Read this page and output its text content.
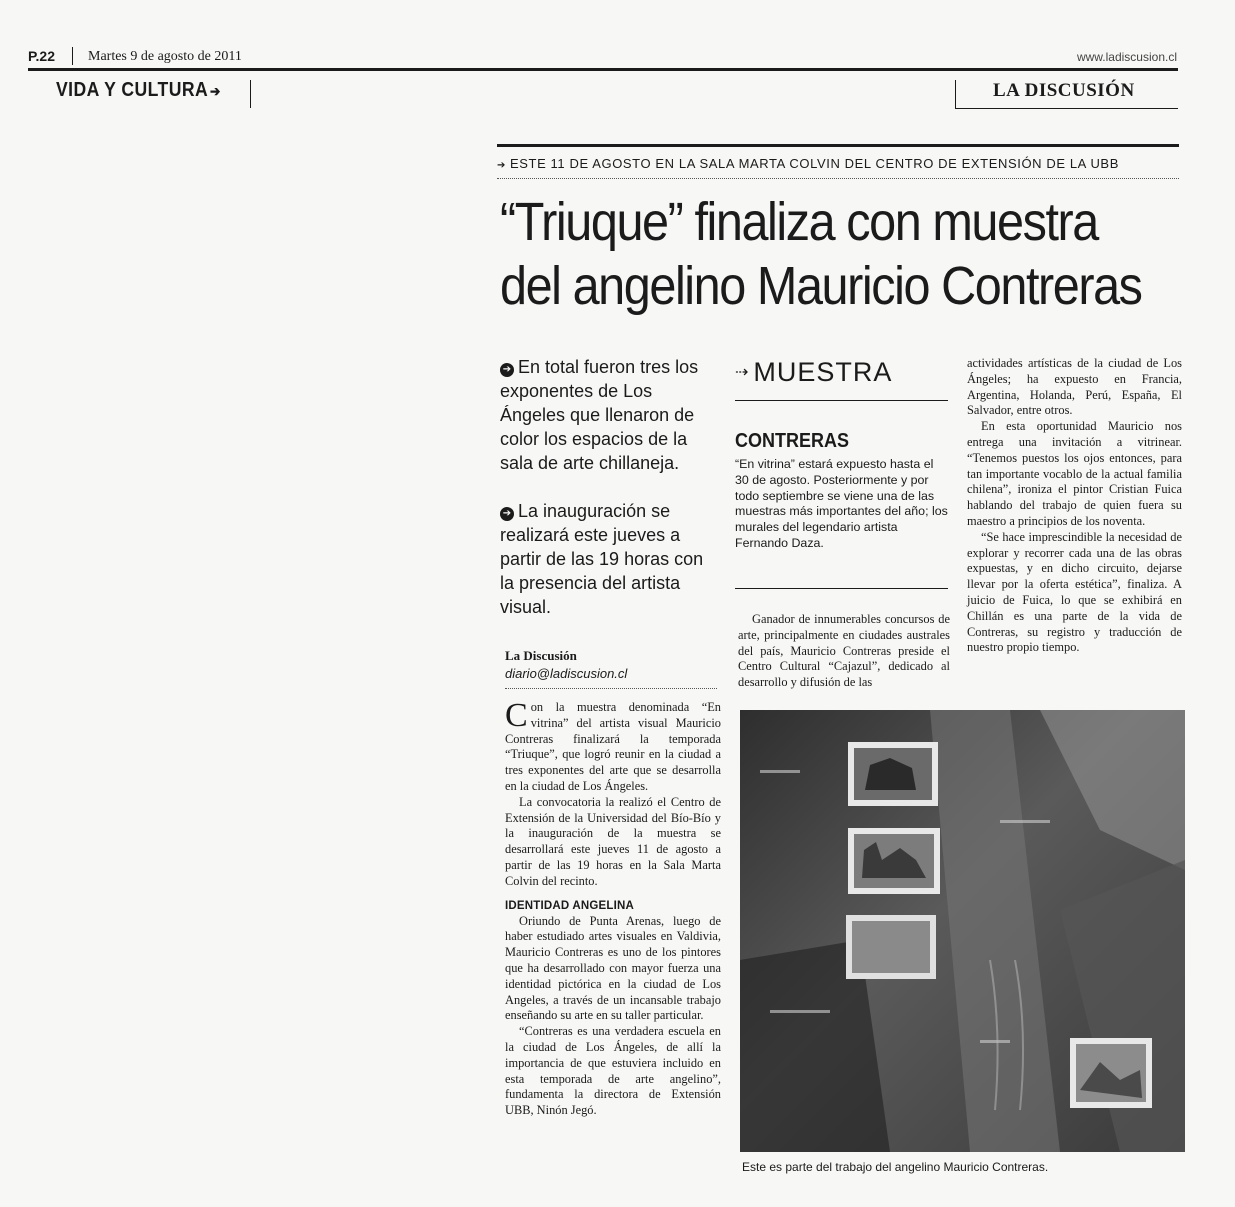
P.22 Martes 9 de agosto de 2011	www.ladiscusion.cl
VIDA Y CULTURA ➔	LA DISCUSIÓN
➔ ESTE 11 DE AGOSTO EN LA SALA MARTA COLVIN DEL CENTRO DE EXTENSIÓN DE LA UBB
“Triuque” finaliza con muestra
del angelino Mauricio Contreras
➔ En total fueron tres los exponentes de Los Ángeles que llenaron de color los espacios de la sala de arte chillaneja.
➔ La inauguración se realizará este jueves a partir de las 19 horas con la presencia del artista visual.
La Discusión
diario@ladiscusion.cl

Con la muestra denominada “En vitrina” del artista visual Mauricio Contreras finalizará la temporada “Triuque”, que logró reunir en la ciudad a tres exponentes del arte que se desarrolla en la ciudad de Los Ángeles.

La convocatoria la realizó el Centro de Extensión de la Universidad del Bío-Bío y la inauguración de la muestra se desarrollará este jueves 11 de agosto a partir de las 19 horas en la Sala Marta Colvin del recinto.

IDENTIDAD ANGELINA

Oriundo de Punta Arenas, luego de haber estudiado artes visuales en Valdivia, Mauricio Contreras es uno de los pintores que ha desarrollado con mayor fuerza una identidad pictórica en la ciudad de Los Angeles, a través de un incansable trabajo enseñando su arte en su taller particular.

“Contreras es una verdadera escuela en la ciudad de Los Ángeles, de allí la importancia de que estuviera incluido en esta temporada de arte angelino”, fundamenta la directora de Extensión UBB, Ninón Jegó.

⇢ MUESTRA
CONTRERAS
“En vitrina” estará expuesto hasta el 30 de agosto. Posteriormente y por todo septiembre se viene una de las muestras más importantes del año; los murales del legendario artista Fernando Daza.

Ganador de innumerables concursos de arte, principalmente en ciudades australes del país, Mauricio Contreras preside el Centro Cultural “Cajazul”, dedicado al desarrollo y difusión de las

actividades artísticas de la ciudad de Los Ángeles; ha expuesto en Francia, Argentina, Holanda, Perú, España, El Salvador, entre otros.

En esta oportunidad Mauricio nos entrega una invitación a vitrinear. “Tenemos puestos los ojos entonces, para tan importante vocablo de la actual familia chilena”, ironiza el pintor Cristian Fuica hablando del trabajo de quien fuera su maestro a principios de los noventa.

“Se hace imprescindible la necesidad de explorar y recorrer cada una de las obras expuestas, y en dicho circuito, dejarse llevar por la oferta estética”, finaliza. A juicio de Fuica, lo que se exhibirá en Chillán es una parte de la vida de Contreras, su registro y traducción de nuestro propio tiempo.

Este es parte del trabajo del angelino Mauricio Contreras.
